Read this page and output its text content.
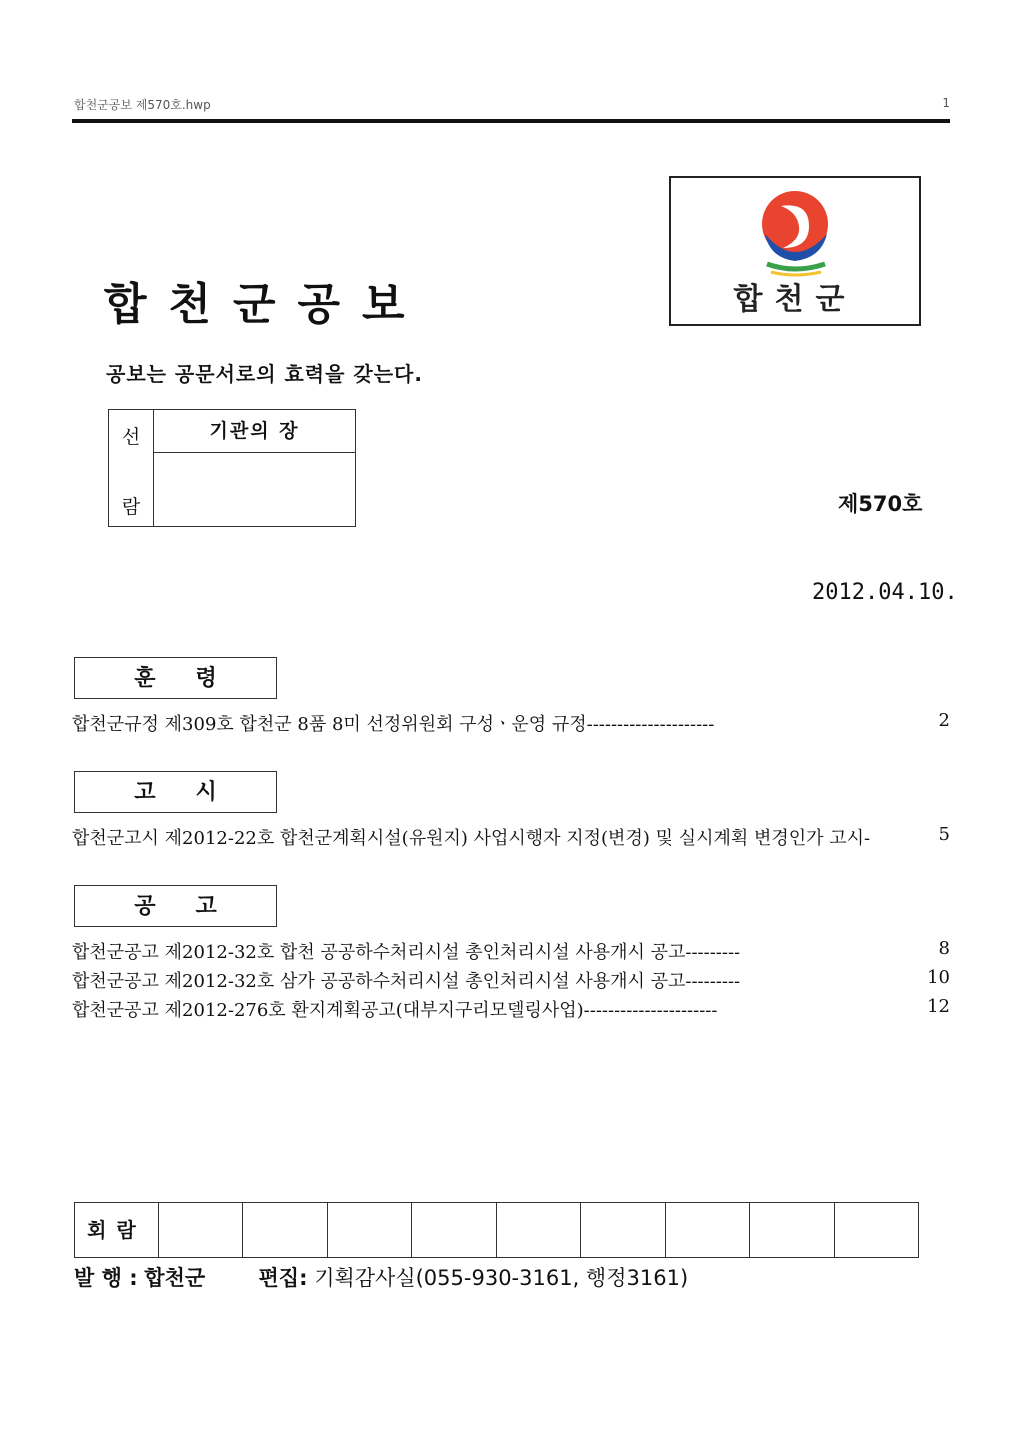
합천군공보 제570호.hwp	1
합천군공보
공보는 공문서로의 효력을 갖는다.
합천군
선
람
기관의 장
제570호
2012.04.10.
훈령
합천군규정 제309호 합천군 8품 8미 선정위원회 구성ㆍ운영 규정---------------------	2
고시
합천군고시 제2012-22호 합천군계획시설(유원지) 사업시행자 지정(변경) 및 실시계획 변경인가 고시-	5
공고
합천군공고 제2012-32호 합천 공공하수처리시설 총인처리시설 사용개시 공고---------	8
합천군공고 제2012-32호 삼가 공공하수처리시설 총인처리시설 사용개시 공고---------	10
합천군공고 제2012-276호 환지계획공고(대부지구리모델링사업)----------------------	12
회람
발 행 : 합천군	편집: 기획감사실(055-930-3161, 행정3161)
